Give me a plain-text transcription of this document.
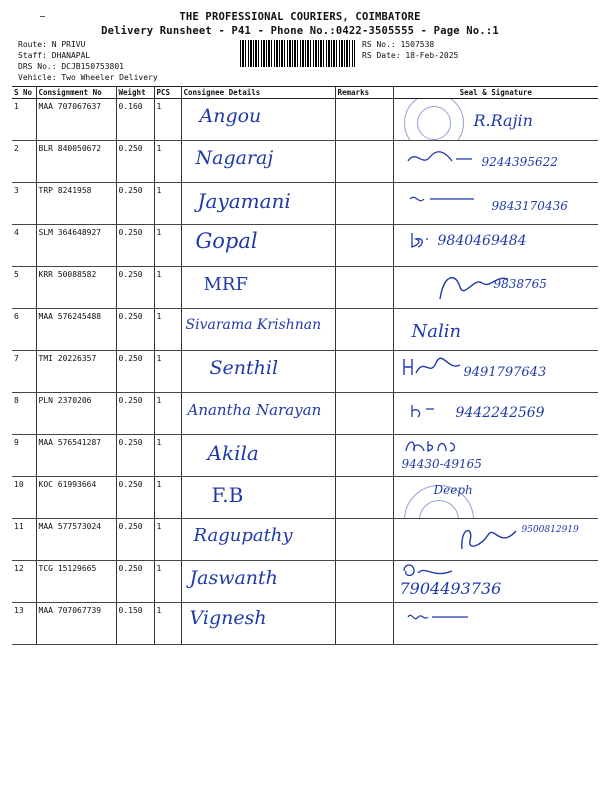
THE PROFESSIONAL COURIERS, COIMBATORE
Delivery Runsheet - P41 - Phone No.:0422-3505555 - Page No.:1
Route: N PRIVU
Staff: DHANAPAL
DRS No.: DCJB150753801
Vehicle: Two Wheeler Delivery
RS No.: 1507538
RS Date: 18-Feb-2025
S No	Consignment No	Weight	PCS	Consignee Details	Remarks	Seal & Signature
1	MAA 707067637	0.160	1	Angou		R.Rajin

2	BLR 840050672	0.250	1	Nagaraj		9244395622

3	TRP 8241958	0.250	1	Jayamani		9843170436

4	SLM 364648927	0.250	1	Gopal		9840469484

5	KRR 50088582	0.250	1	MRF		9838765

6	MAA 576245488	0.250	1	Sivarama Krishnan		Nalin

7	TMI 20226357	0.250	1	Senthil		9491797643

8	PLN 2370206	0.250	1	Anantha Narayan		9442242569

9	MAA 576541287	0.250	1	Akila		94430-49165

10	KOC 61993664	0.250	1	F.B		Deeph

11	MAA 577573024	0.250	1	Ragupathy		9500812919

12	TCG 15129665	0.250	1	Jaswanth		7904493736

13	MAA 707067739	0.150	1	Vignesh
